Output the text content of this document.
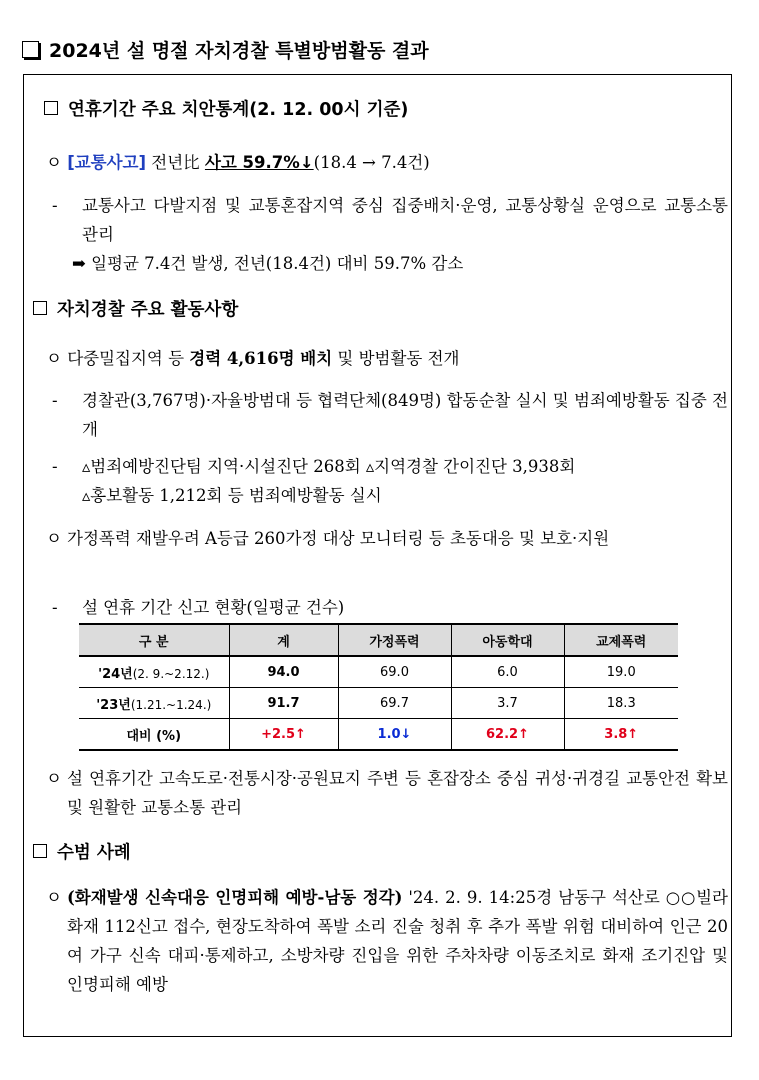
2024년 설 명절 자치경찰 특별방범활동 결과
연휴기간 주요 치안통계(2. 12. 00시 기준)
ㅇ [교통사고] 전년比 사고 59.7%↓(18.4 → 7.4건)
-	교통사고 다발지점 및 교통혼잡지역 중심 집중배치·운영, 교통상황실 운영으로 교통소통 관리
➡ 일평균 7.4건 발생, 전년(18.4건) 대비 59.7% 감소
자치경찰 주요 활동사항
ㅇ 다중밀집지역 등 경력 4,616명 배치 및 방범활동 전개
-	경찰관(3,767명)·자율방범대 등 협력단체(849명) 합동순찰 실시 및 범죄예방활동 집중 전개
-	▵범죄예방진단팀 지역·시설진단 268회 ▵지역경찰 간이진단 3,938회
▵홍보활동 1,212회 등 범죄예방활동 실시
ㅇ 가정폭력 재발우려 A등급 260가정 대상 모니터링 등 초동대응 및 보호·지원
- 설 연휴 기간 신고 현황(일평균 건수)
구 분	계	가정폭력	아동학대	교제폭력
'24년(2. 9.~2.12.)	94.0	69.0	6.0	19.0
'23년(1.21.~1.24.)	91.7	69.7	3.7	18.3
대비 (%)	+2.5↑	1.0↓	62.2↑	3.8↑
ㅇ 설 연휴기간 고속도로·전통시장·공원묘지 주변 등 혼잡장소 중심 귀성·귀경길 교통안전 확보 및 원활한 교통소통 관리
수범 사례
ㅇ (화재발생 신속대응 인명피해 예방-남동 정각) '24. 2. 9. 14:25경 남동구 석산로 ○○빌라 화재 112신고 접수, 현장도착하여 폭발 소리 진술 청취 후 추가 폭발 위험 대비하여 인근 20여 가구 신속 대피·통제하고, 소방차량 진입을 위한 주차차량 이동조치로 화재 조기진압 및 인명피해 예방
